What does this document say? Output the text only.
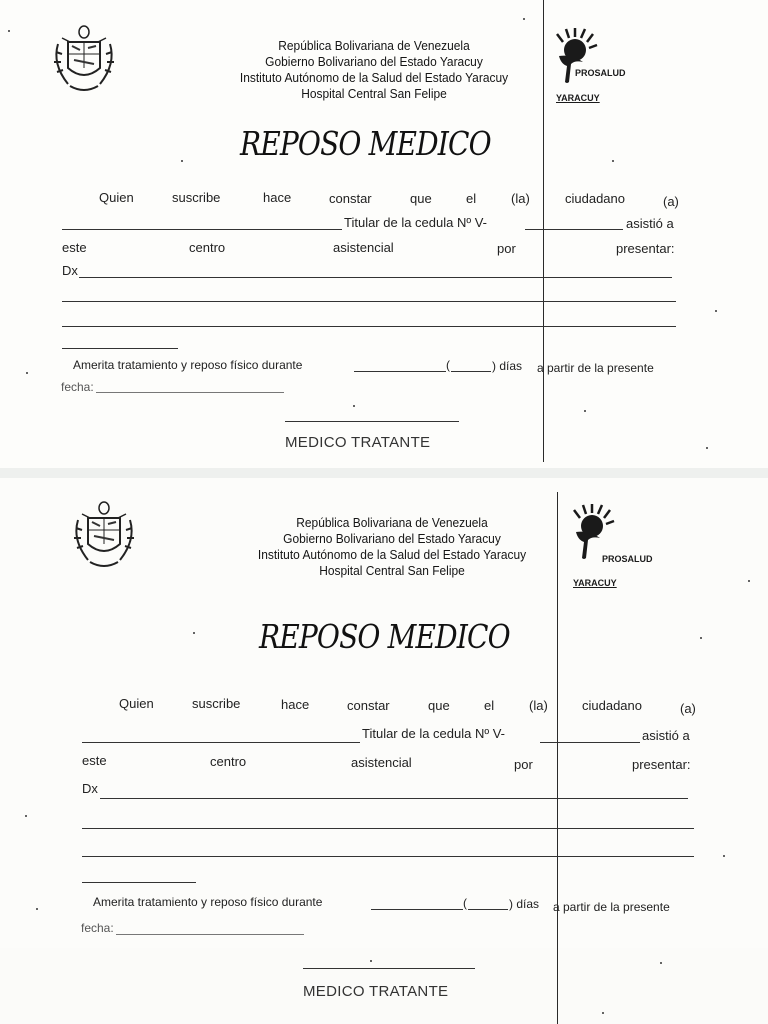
República Bolivariana de Venezuela
Gobierno Bolivariano del Estado Yaracuy
Instituto Autónomo de la Salud del Estado Yaracuy
Hospital Central San Felipe
PROSALUD
YARACUY
REPOSO MEDICO
Quien	suscribe	hace	constar	que	el	(la)	ciudadano	(a)
Titular de la cedula Nº V-	asistió a
este	centro	asistencial	por	presentar:
Dx
Amerita tratamiento y reposo físico durante	(	) días a partir de la presente
fecha:
MEDICO TRATANTE
República Bolivariana de Venezuela
Gobierno Bolivariano del Estado Yaracuy
Instituto Autónomo de la Salud del Estado Yaracuy
Hospital Central San Felipe
PROSALUD
YARACUY
REPOSO MEDICO
Quien	suscribe	hace	constar	que	el	(la)	ciudadano	(a)
Titular de la cedula Nº V-	asistió a
este	centro	asistencial	por	presentar:
Dx
Amerita tratamiento y reposo físico durante	(	) días a partir de la presente
fecha:
MEDICO TRATANTE
